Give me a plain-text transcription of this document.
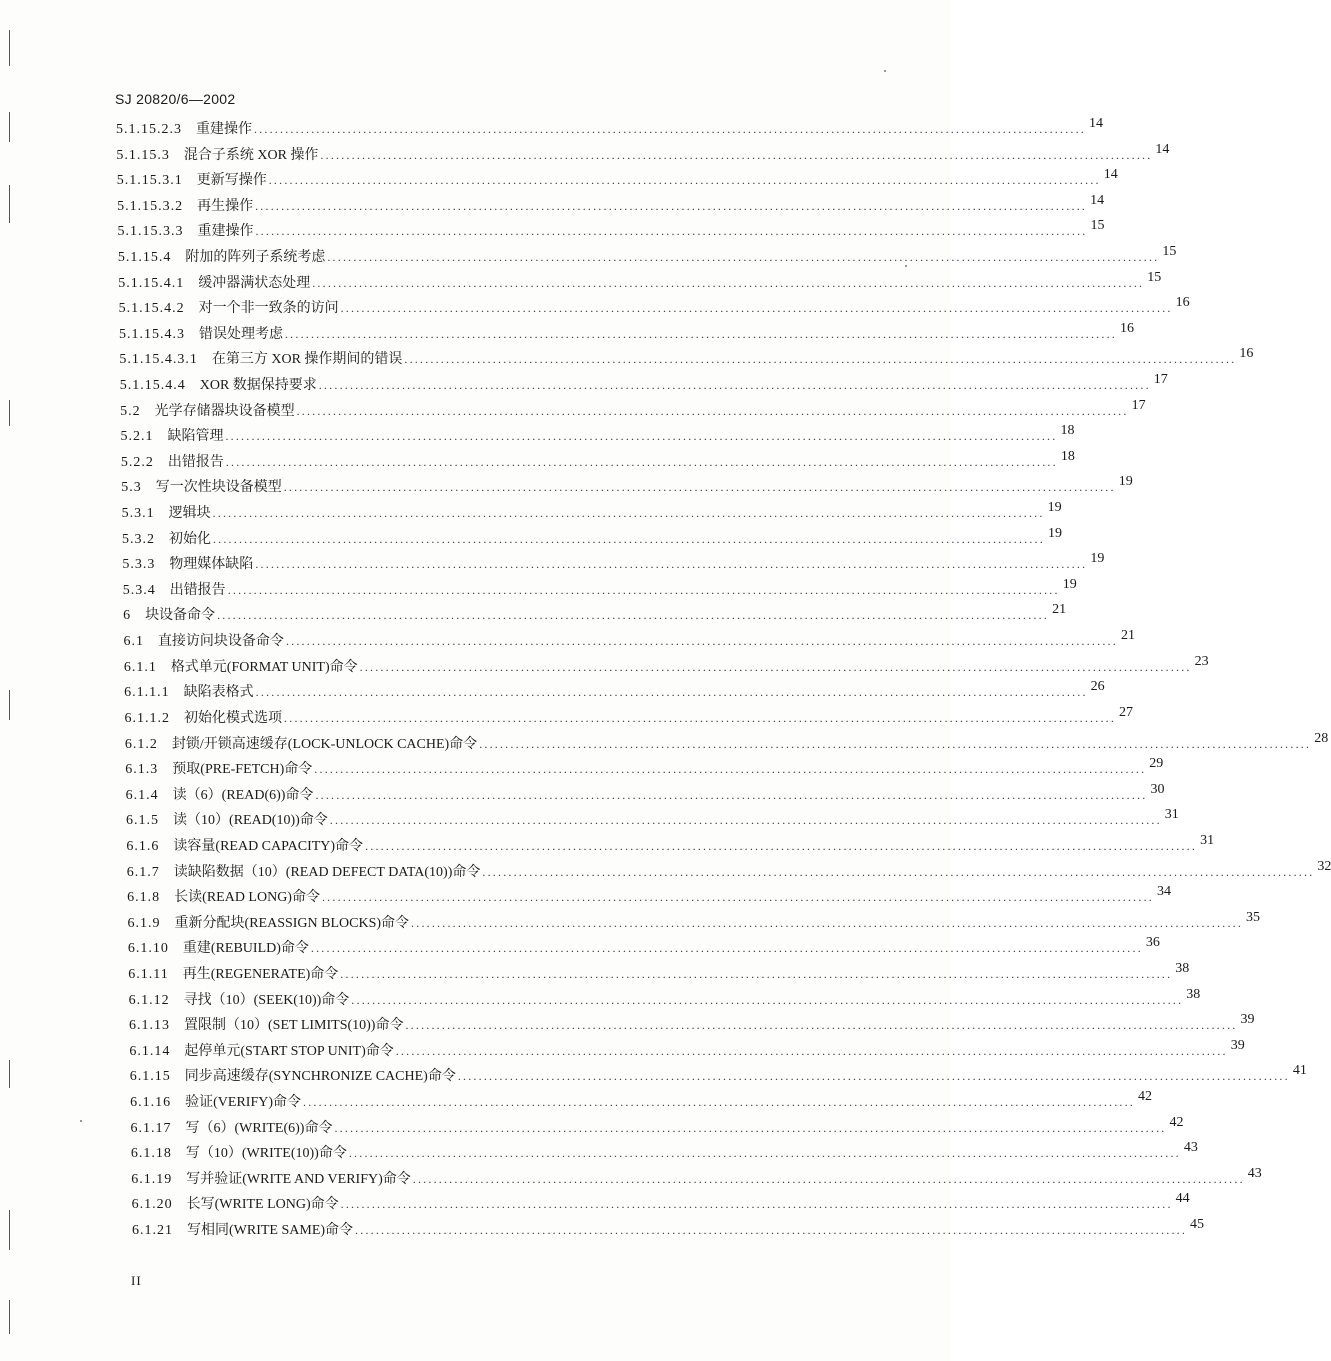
SJ 20820/6—2002
5.1.15.2.3	重建操作 ................................................................................................................................................................ 14
5.1.15.3	混合子系统 XOR 操作 ................................................................................................................................................................ 14
5.1.15.3.1	更新写操作 ................................................................................................................................................................ 14
5.1.15.3.2	再生操作 ................................................................................................................................................................ 14
5.1.15.3.3	重建操作 ................................................................................................................................................................ 15
5.1.15.4	附加的阵列子系统考虑 ................................................................................................................................................................ 15
5.1.15.4.1	缓冲器满状态处理 ................................................................................................................................................................ 15
5.1.15.4.2	对一个非一致条的访问 ................................................................................................................................................................ 16
5.1.15.4.3	错误处理考虑 ................................................................................................................................................................ 16
5.1.15.4.3.1	在第三方 XOR 操作期间的错误 ................................................................................................................................................................ 16
5.1.15.4.4	XOR 数据保持要求 ................................................................................................................................................................ 17
5.2	光学存储器块设备模型 ................................................................................................................................................................ 17
5.2.1	缺陷管理 ................................................................................................................................................................ 18
5.2.2	出错报告 ................................................................................................................................................................ 18
5.3	写一次性块设备模型 ................................................................................................................................................................ 19
5.3.1	逻辑块 ................................................................................................................................................................ 19
5.3.2	初始化 ................................................................................................................................................................ 19
5.3.3	物理媒体缺陷 ................................................................................................................................................................ 19
5.3.4	出错报告 ................................................................................................................................................................ 19
6	块设备命令 ................................................................................................................................................................ 21
6.1	直接访问块设备命令 ................................................................................................................................................................ 21
6.1.1	格式单元(FORMAT UNIT)命令 ................................................................................................................................................................ 23
6.1.1.1	缺陷表格式 ................................................................................................................................................................ 26
6.1.1.2	初始化模式选项 ................................................................................................................................................................ 27
6.1.2	封锁/开锁高速缓存(LOCK-UNLOCK CACHE)命令 ................................................................................................................................................................ 28
6.1.3	预取(PRE-FETCH)命令 ................................................................................................................................................................ 29
6.1.4	读（6）(READ(6))命令 ................................................................................................................................................................ 30
6.1.5	读（10）(READ(10))命令 ................................................................................................................................................................ 31
6.1.6	读容量(READ CAPACITY)命令 ................................................................................................................................................................ 31
6.1.7	读缺陷数据（10）(READ DEFECT DATA(10))命令 ................................................................................................................................................................ 32
6.1.8	长读(READ LONG)命令 ................................................................................................................................................................ 34
6.1.9	重新分配块(REASSIGN BLOCKS)命令 ................................................................................................................................................................ 35
6.1.10	重建(REBUILD)命令 ................................................................................................................................................................ 36
6.1.11	再生(REGENERATE)命令 ................................................................................................................................................................ 38
6.1.12	寻找（10）(SEEK(10))命令 ................................................................................................................................................................ 38
6.1.13	置限制（10）(SET LIMITS(10))命令 ................................................................................................................................................................ 39
6.1.14	起停单元(START STOP UNIT)命令 ................................................................................................................................................................ 39
6.1.15	同步高速缓存(SYNCHRONIZE CACHE)命令 ................................................................................................................................................................ 41
6.1.16	验证(VERIFY)命令 ................................................................................................................................................................ 42
6.1.17	写（6）(WRITE(6))命令 ................................................................................................................................................................ 42
6.1.18	写（10）(WRITE(10))命令 ................................................................................................................................................................ 43
6.1.19	写并验证(WRITE AND VERIFY)命令 ................................................................................................................................................................ 43
6.1.20	长写(WRITE LONG)命令 ................................................................................................................................................................ 44
6.1.21	写相同(WRITE SAME)命令 ................................................................................................................................................................ 45
II
